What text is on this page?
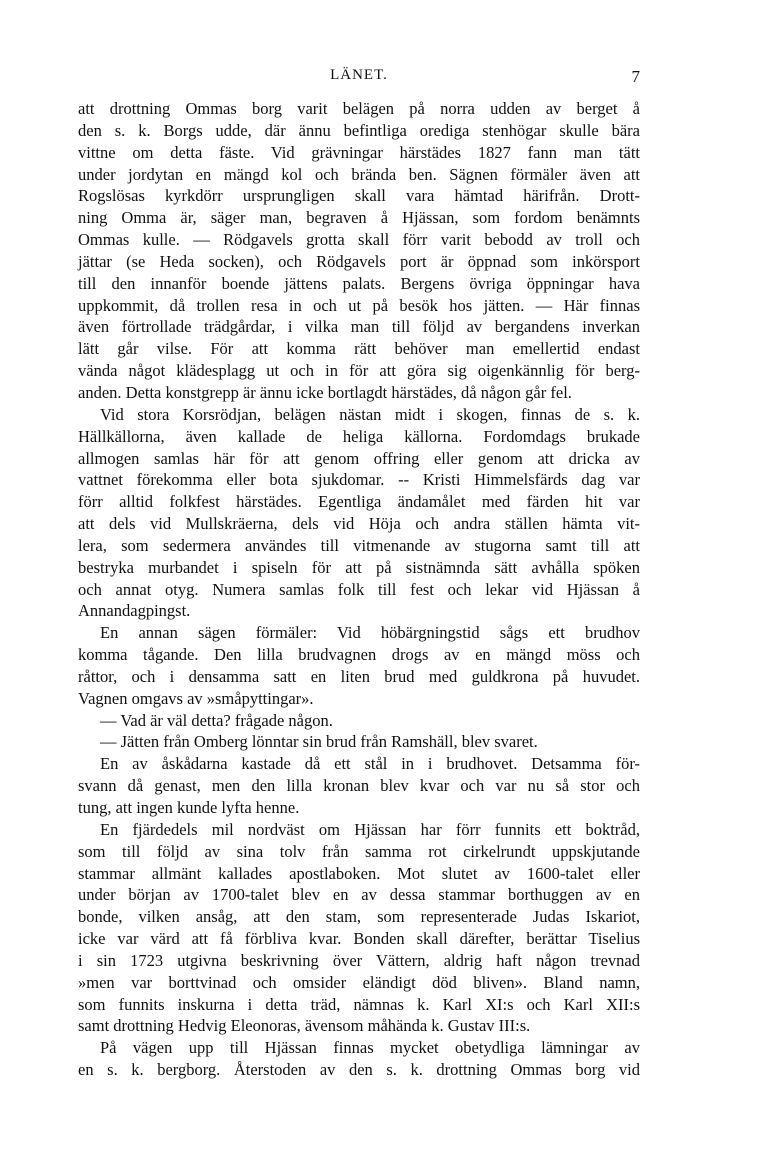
LÄNET.	7
att drottning Ommas borg varit belägen på norra udden av berget å
den s. k. Borgs udde, där ännu befintliga orediga stenhögar skulle bära
vittne om detta fäste. Vid grävningar härstädes 1827 fann man tätt
under jordytan en mängd kol och brända ben. Sägnen förmäler även att
Rogslösas kyrkdörr ursprungligen skall vara hämtad härifrån. Drott-
ning Omma är, säger man, begraven å Hjässan, som fordom benämnts
Ommas kulle. — Rödgavels grotta skall förr varit bebodd av troll och
jättar (se Heda socken), och Rödgavels port är öppnad som inkörsport
till den innanför boende jättens palats. Bergens övriga öppningar hava
uppkommit, då trollen resa in och ut på besök hos jätten. — Här finnas
även förtrollade trädgårdar, i vilka man till följd av bergandens inverkan
lätt går vilse. För att komma rätt behöver man emellertid endast
vända något klädesplagg ut och in för att göra sig oigenkännlig för berg-
anden. Detta konstgrepp är ännu icke bortlagdt härstädes, då någon går fel.
Vid stora Korsrödjan, belägen nästan midt i skogen, finnas de s. k.
Hällkällorna, även kallade de heliga källorna. Fordomdags brukade
allmogen samlas här för att genom offring eller genom att dricka av
vattnet förekomma eller bota sjukdomar. -- Kristi Himmelsfärds dag var
förr alltid folkfest härstädes. Egentliga ändamålet med färden hit var
att dels vid Mullskräerna, dels vid Höja och andra ställen hämta vit-
lera, som sedermera användes till vitmenande av stugorna samt till att
bestryka murbandet i spiseln för att på sistnämnda sätt avhålla spöken
och annat otyg. Numera samlas folk till fest och lekar vid Hjässan å
Annandagpingst.
En annan sägen förmäler: Vid höbärgningstid sågs ett brudhov
komma tågande. Den lilla brudvagnen drogs av en mängd möss och
råttor, och i densamma satt en liten brud med guldkrona på huvudet.
Vagnen omgavs av »småpyttingar».
— Vad är väl detta? frågade någon.
— Jätten från Omberg lönntar sin brud från Ramshäll, blev svaret.
En av åskådarna kastade då ett stål in i brudhovet. Detsamma för-
svann då genast, men den lilla kronan blev kvar och var nu så stor och
tung, att ingen kunde lyfta henne.
En fjärdedels mil nordväst om Hjässan har förr funnits ett boktråd,
som till följd av sina tolv från samma rot cirkelrundt uppskjutande
stammar allmänt kallades apostlaboken. Mot slutet av 1600-talet eller
under början av 1700-talet blev en av dessa stammar borthuggen av en
bonde, vilken ansåg, att den stam, som representerade Judas Iskariot,
icke var värd att få förbliva kvar. Bonden skall därefter, berättar Tiselius
i sin 1723 utgivna beskrivning över Vättern, aldrig haft någon trevnad
»men var borttvinad och omsider eländigt död bliven». Bland namn,
som funnits inskurna i detta träd, nämnas k. Karl XI:s och Karl XII:s
samt drottning Hedvig Eleonoras, ävensom måhända k. Gustav III:s.
På vägen upp till Hjässan finnas mycket obetydliga lämningar av
en s. k. bergborg. Återstoden av den s. k. drottning Ommas borg vid
